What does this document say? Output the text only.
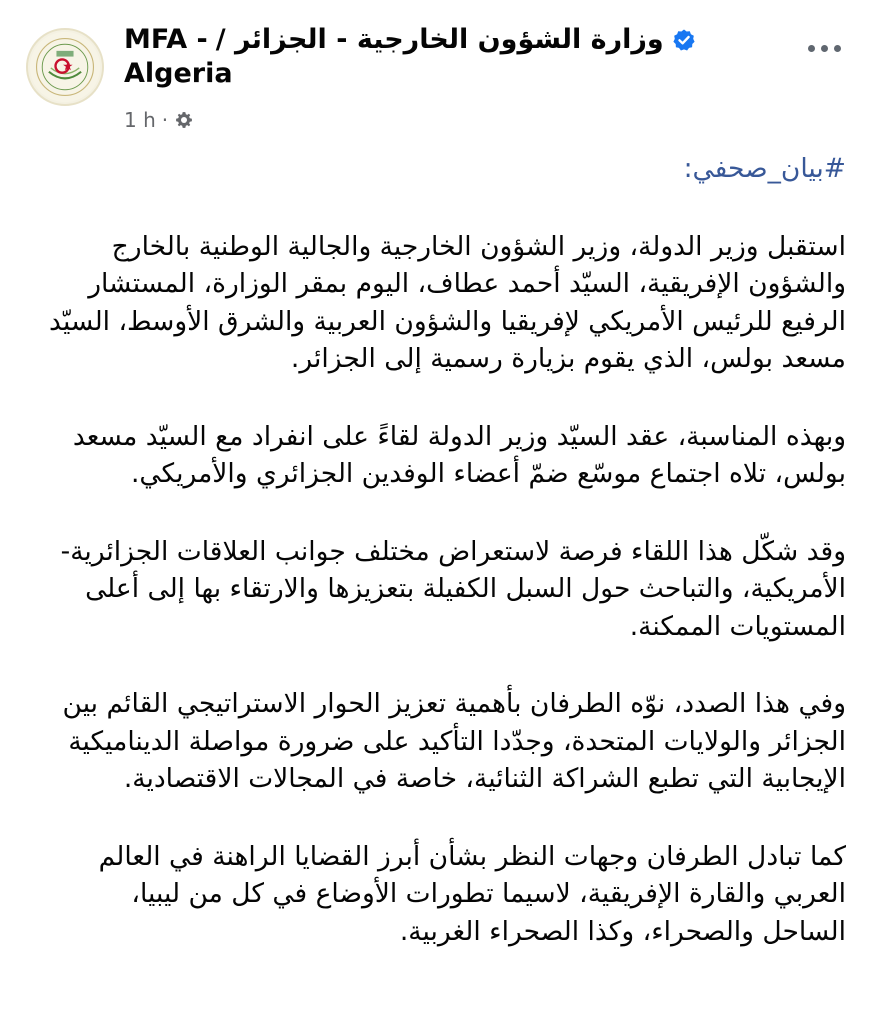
MFA - وزارة الشؤون الخارجية - الجزائر /
Algeria
1 h ·
#بيان_صحفي:

استقبل وزير الدولة، وزير الشؤون الخارجية والجالية الوطنية بالخارج والشؤون الإفريقية، السيّد أحمد عطاف، اليوم بمقر الوزارة، المستشار الرفيع للرئيس الأمريكي لإفريقيا والشؤون العربية والشرق الأوسط، السيّد مسعد بولس، الذي يقوم بزيارة رسمية إلى الجزائر.

وبهذه المناسبة، عقد السيّد وزير الدولة لقاءً على انفراد مع السيّد مسعد بولس، تلاه اجتماع موسّع ضمّ أعضاء الوفدين الجزائري والأمريكي.

وقد شكّل هذا اللقاء فرصة لاستعراض مختلف جوانب العلاقات الجزائرية-الأمريكية، والتباحث حول السبل الكفيلة بتعزيزها والارتقاء بها إلى أعلى المستويات الممكنة.

وفي هذا الصدد، نوّه الطرفان بأهمية تعزيز الحوار الاستراتيجي القائم بين الجزائر والولايات المتحدة، وجدّدا التأكيد على ضرورة مواصلة الديناميكية الإيجابية التي تطبع الشراكة الثنائية، خاصة في المجالات الاقتصادية.

كما تبادل الطرفان وجهات النظر بشأن أبرز القضايا الراهنة في العالم العربي والقارة الإفريقية، لاسيما تطورات الأوضاع في كل من ليبيا، الساحل والصحراء، وكذا الصحراء الغربية.
